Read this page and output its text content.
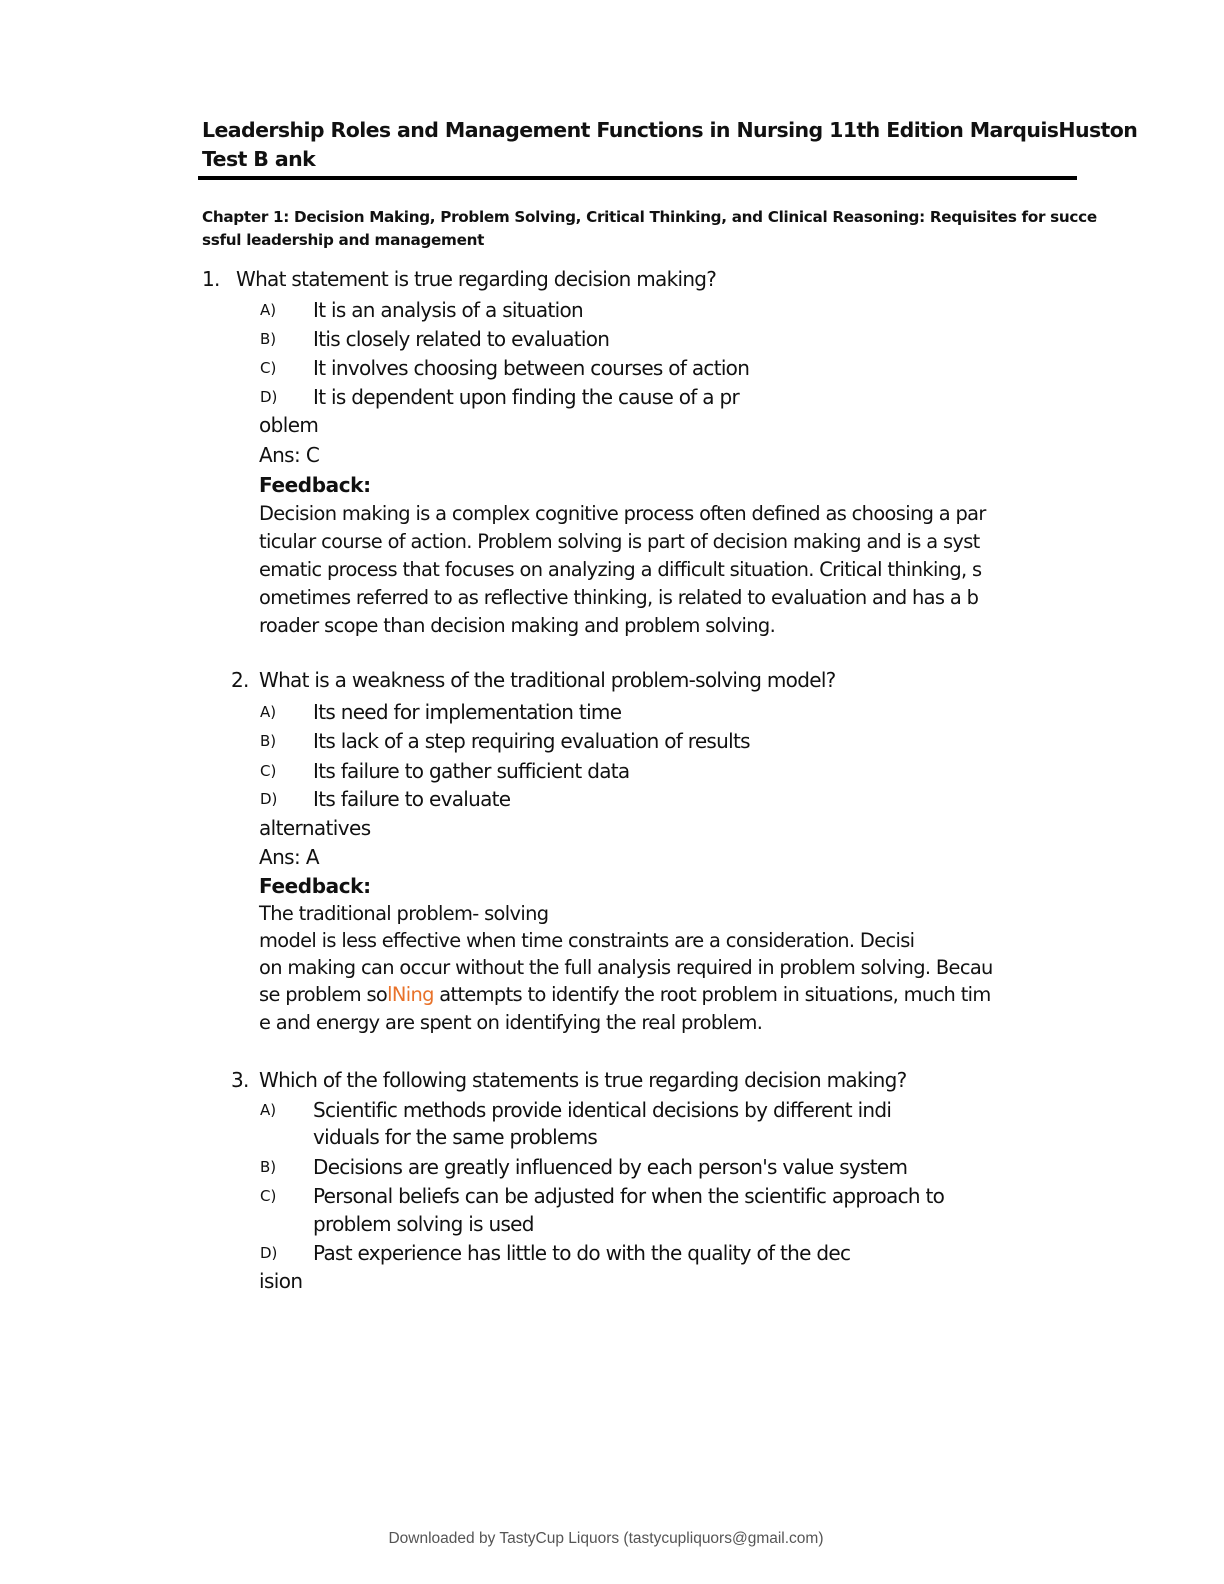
Leadership Roles and Management Functions in Nursing 11th Edition MarquisHuston Test B ank
Chapter 1: Decision Making, Problem Solving, Critical Thinking, and Clinical Reasoning: Requisites for succe ssful leadership and management
1. What statement is true regarding decision making?
A)	It is an analysis of a situation
B)	Itis closely related to evaluation
C)	It involves choosing between courses of action
D)	It is dependent upon finding the cause of a pr
oblem
Ans: C
Feedback:
Decision making is a complex cognitive process often defined as choosing a par
ticular course of action. Problem solving is part of decision making and is a syst
ematic process that focuses on analyzing a difficult situation. Critical thinking, s
ometimes referred to as reflective thinking, is related to evaluation and has a b
roader scope than decision making and problem solving.
2. What is a weakness of the traditional problem-solving model?
A)	Its need for implementation time
B)	Its lack of a step requiring evaluation of results
C)	Its failure to gather sufficient data
D)	Its failure to evaluate
alternatives
Ans: A
Feedback:
The traditional problem- solving
model is less effective when time constraints are a consideration. Decisi
on making can occur without the full analysis required in problem solving. Becau
se problem solNing attempts to identify the root problem in situations, much tim
e and energy are spent on identifying the real problem.
3. Which of the following statements is true regarding decision making?
A)	Scientific methods provide identical decisions by different indi
viduals for the same problems
B)	Decisions are greatly influenced by each person's value system
C)	Personal beliefs can be adjusted for when the scientific approach to
problem solving is used
D)	Past experience has little to do with the quality of the dec
ision
Downloaded by TastyCup Liquors (tastycupliquors@gmail.com)
